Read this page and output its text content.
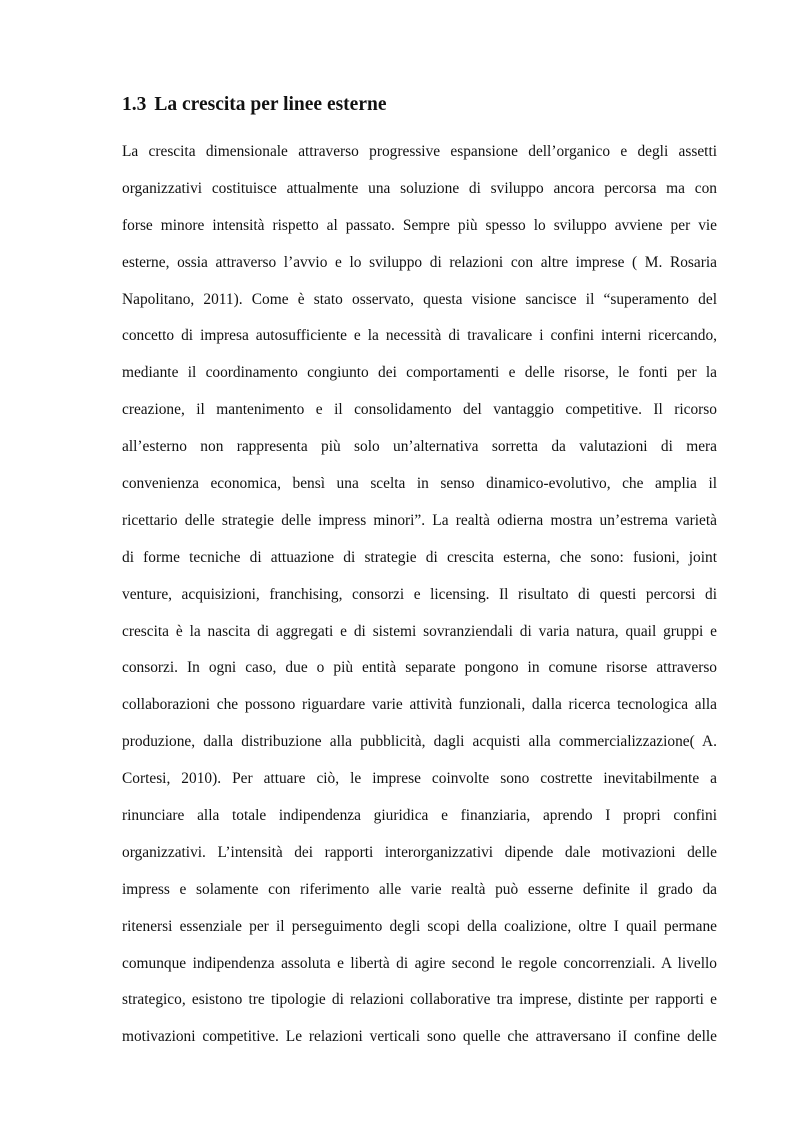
1.3 La crescita per linee esterne
La crescita dimensionale attraverso progressive espansione dell’organico e degli assetti
organizzativi costituisce attualmente una soluzione di sviluppo ancora percorsa ma con
forse minore intensità rispetto al passato. Sempre più spesso lo sviluppo avviene per vie
esterne, ossia attraverso l’avvio e lo sviluppo di relazioni con altre imprese ( M. Rosaria
Napolitano, 2011). Come è stato osservato, questa visione sancisce il “superamento del
concetto di impresa autosufficiente e la necessità di travalicare i confini interni ricercando,
mediante il coordinamento congiunto dei comportamenti e delle risorse, le fonti per la
creazione, il mantenimento e il consolidamento del vantaggio competitive. Il ricorso
all’esterno non rappresenta più solo un’alternativa sorretta da valutazioni di mera
convenienza economica, bensì una scelta in senso dinamico-evolutivo, che amplia il
ricettario delle strategie delle impress minori”. La realtà odierna mostra un’estrema varietà
di forme tecniche di attuazione di strategie di crescita esterna, che sono: fusioni, joint
venture, acquisizioni, franchising, consorzi e licensing. Il risultato di questi percorsi di
crescita è la nascita di aggregati e di sistemi sovranziendali di varia natura, quail gruppi e
consorzi. In ogni caso, due o più entità separate pongono in comune risorse attraverso
collaborazioni che possono riguardare varie attività funzionali, dalla ricerca tecnologica alla
produzione, dalla distribuzione alla pubblicità, dagli acquisti alla commercializzazione( A.
Cortesi, 2010). Per attuare ciò, le imprese coinvolte sono costrette inevitabilmente a
rinunciare alla totale indipendenza giuridica e finanziaria, aprendo I propri confini
organizzativi. L’intensità dei rapporti interorganizzativi dipende dale motivazioni delle
impress e solamente con riferimento alle varie realtà può esserne definite il grado da
ritenersi essenziale per il perseguimento degli scopi della coalizione, oltre I quail permane
comunque indipendenza assoluta e libertà di agire second le regole concorrenziali. A livello
strategico, esistono tre tipologie di relazioni collaborative tra imprese, distinte per rapporti e
motivazioni competitive. Le relazioni verticali sono quelle che attraversano iI confine delle
